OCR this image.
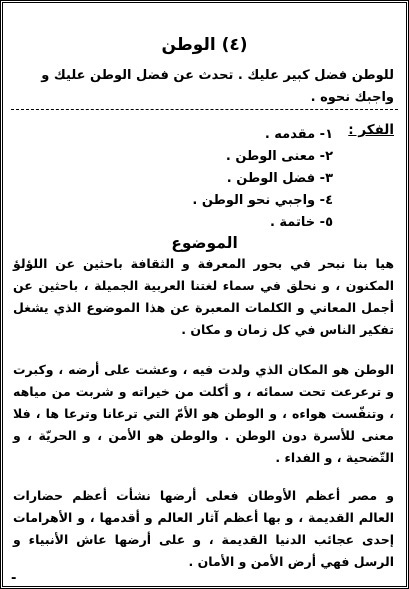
(٤) الوطن
للوطن فضل كبير عليك . تحدث عن فضل الوطن عليك و واجبك نحوه .
الفكر :
١- مقدمه .
٢- معنى الوطن .
٣- فضل الوطن .
٤- واجبي نحو الوطن .
٥- خاتمة .
الموضوع
هيا بنا نبحر في بحور المعرفة و الثقافة باحثين عن اللؤلؤ المكنون ، و نحلق في سماء لغتنا العربية الجميلة ، باحثين عن أجمل المعاني و الكلمات المعبرة عن هذا الموضوع الذي يشغل تفكير الناس في كل زمان و مكان .
الوطن هو المكان الذي ولدت فيه ، وعشت على أرضه ، وكبرت و ترعرعت تحت سمائه ، و أكلت من خيراته و شربت من مياهه ، وتنفّست هواءه ، و الوطن هو الأمّ التي ترعانا وترعا ها ، فلا معنى للأسرة دون الوطن . والوطن هو الأمن ، و الحريّة ، و التّضحية ، و الفداء .
و مصر أعظم الأوطان فعلى أرضها نشأت أعظم حضارات العالم القديمة ، و بها أعظم آثار العالم و أقدمها ، و الأهرامات إحدى عجائب الدنيا القديمة ، و على أرضها عاش الأنبياء و الرسل فهي أرض الأمن و الأمان .
-
